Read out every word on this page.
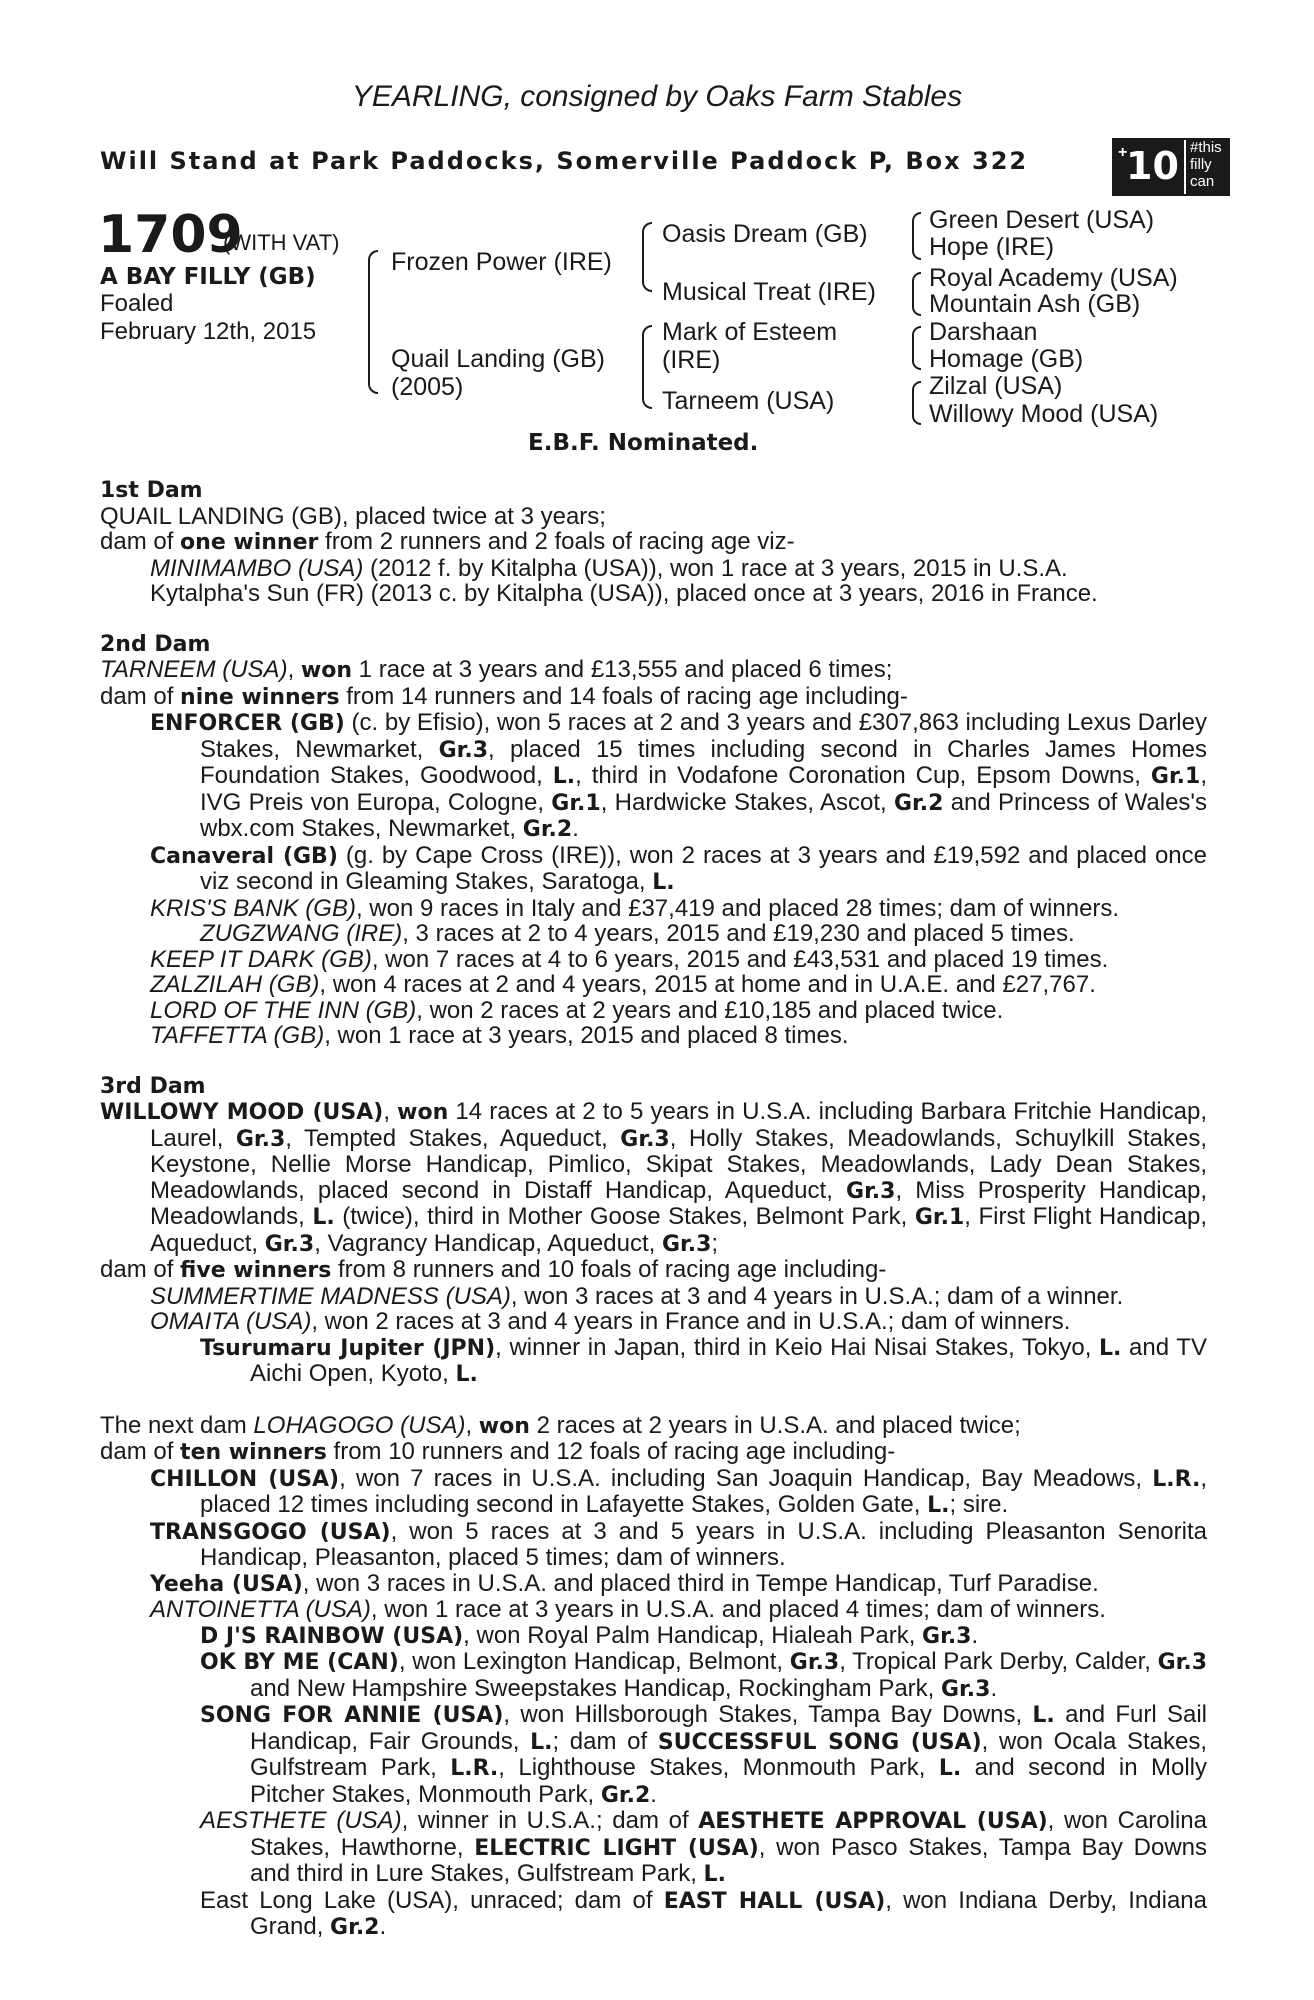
YEARLING, consigned by Oaks Farm Stables
Will Stand at Park Paddocks, Somerville Paddock P, Box 322	+
10 #this
filly
can
1709
(WITH VAT)
A BAY FILLY (GB)
Foaled
February 12th, 2015
Frozen Power (IRE)
Quail Landing (GB)
(2005)
Oasis Dream (GB)
Musical Treat (IRE)
Mark of Esteem
(IRE)
Tarneem (USA)
Green Desert (USA)
Hope (IRE)
Royal Academy (USA)
Mountain Ash (GB)
Darshaan
Homage (GB)
Zilzal (USA)
Willowy Mood (USA)
E.B.F. Nominated.
1st Dam
QUAIL LANDING (GB), placed twice at 3 years;
dam of one winner from 2 runners and 2 foals of racing age viz-
MINIMAMBO (USA) (2012 f. by Kitalpha (USA)), won 1 race at 3 years, 2015 in U.S.A.
Kytalpha's Sun (FR) (2013 c. by Kitalpha (USA)), placed once at 3 years, 2016 in France.
2nd Dam
TARNEEM (USA), won 1 race at 3 years and £13,555 and placed 6 times;
dam of nine winners from 14 runners and 14 foals of racing age including-
ENFORCER (GB) (c. by Efisio), won 5 races at 2 and 3 years and £307,863 including Lexus Darley Stakes, Newmarket, Gr.3, placed 15 times including second in Charles James Homes Foundation Stakes, Goodwood, L., third in Vodafone Coronation Cup, Epsom Downs, Gr.1, IVG Preis von Europa, Cologne, Gr.1, Hardwicke Stakes, Ascot, Gr.2 and Princess of Wales's wbx.com Stakes, Newmarket, Gr.2.
Canaveral (GB) (g. by Cape Cross (IRE)), won 2 races at 3 years and £19,592 and placed once viz second in Gleaming Stakes, Saratoga, L.
KRIS'S BANK (GB), won 9 races in Italy and £37,419 and placed 28 times; dam of winners.
ZUGZWANG (IRE), 3 races at 2 to 4 years, 2015 and £19,230 and placed 5 times.
KEEP IT DARK (GB), won 7 races at 4 to 6 years, 2015 and £43,531 and placed 19 times.
ZALZILAH (GB), won 4 races at 2 and 4 years, 2015 at home and in U.A.E. and £27,767.
LORD OF THE INN (GB), won 2 races at 2 years and £10,185 and placed twice.
TAFFETTA (GB), won 1 race at 3 years, 2015 and placed 8 times.
3rd Dam
WILLOWY MOOD (USA), won 14 races at 2 to 5 years in U.S.A. including Barbara Fritchie Handicap, Laurel, Gr.3, Tempted Stakes, Aqueduct, Gr.3, Holly Stakes, Meadowlands, Schuylkill Stakes, Keystone, Nellie Morse Handicap, Pimlico, Skipat Stakes, Meadowlands, Lady Dean Stakes, Meadowlands, placed second in Distaff Handicap, Aqueduct, Gr.3, Miss Prosperity Handicap, Meadowlands, L. (twice), third in Mother Goose Stakes, Belmont Park, Gr.1, First Flight Handicap, Aqueduct, Gr.3, Vagrancy Handicap, Aqueduct, Gr.3;
dam of five winners from 8 runners and 10 foals of racing age including-
SUMMERTIME MADNESS (USA), won 3 races at 3 and 4 years in U.S.A.; dam of a winner.
OMAITA (USA), won 2 races at 3 and 4 years in France and in U.S.A.; dam of winners.
Tsurumaru Jupiter (JPN), winner in Japan, third in Keio Hai Nisai Stakes, Tokyo, L. and TV Aichi Open, Kyoto, L.
The next dam LOHAGOGO (USA), won 2 races at 2 years in U.S.A. and placed twice;
dam of ten winners from 10 runners and 12 foals of racing age including-
CHILLON (USA), won 7 races in U.S.A. including San Joaquin Handicap, Bay Meadows, L.R., placed 12 times including second in Lafayette Stakes, Golden Gate, L.; sire.
TRANSGOGO (USA), won 5 races at 3 and 5 years in U.S.A. including Pleasanton Senorita Handicap, Pleasanton, placed 5 times; dam of winners.
Yeeha (USA), won 3 races in U.S.A. and placed third in Tempe Handicap, Turf Paradise.
ANTOINETTA (USA), won 1 race at 3 years in U.S.A. and placed 4 times; dam of winners.
D J'S RAINBOW (USA), won Royal Palm Handicap, Hialeah Park, Gr.3.
OK BY ME (CAN), won Lexington Handicap, Belmont, Gr.3, Tropical Park Derby, Calder, Gr.3 and New Hampshire Sweepstakes Handicap, Rockingham Park, Gr.3.
SONG FOR ANNIE (USA), won Hillsborough Stakes, Tampa Bay Downs, L. and Furl Sail Handicap, Fair Grounds, L.; dam of SUCCESSFUL SONG (USA), won Ocala Stakes, Gulfstream Park, L.R., Lighthouse Stakes, Monmouth Park, L. and second in Molly Pitcher Stakes, Monmouth Park, Gr.2.
AESTHETE (USA), winner in U.S.A.; dam of AESTHETE APPROVAL (USA), won Carolina Stakes, Hawthorne, ELECTRIC LIGHT (USA), won Pasco Stakes, Tampa Bay Downs and third in Lure Stakes, Gulfstream Park, L.
East Long Lake (USA), unraced; dam of EAST HALL (USA), won Indiana Derby, Indiana Grand, Gr.2.
